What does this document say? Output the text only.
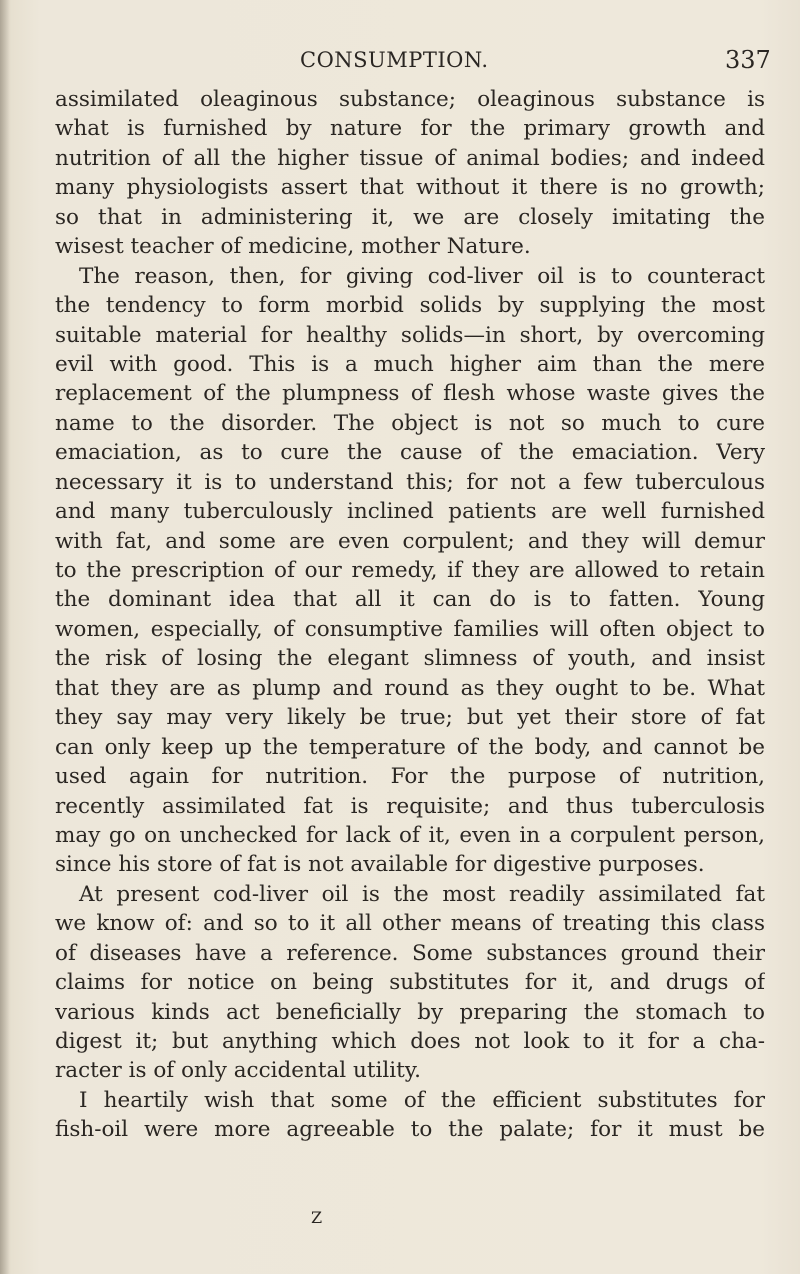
CONSUMPTION.	337
assimilated oleaginous substance; oleaginous substance is
what is furnished by nature for the primary growth and
nutrition of all the higher tissue of animal bodies; and indeed
many physiologists assert that without it there is no growth;
so that in administering it, we are closely imitating the
wisest teacher of medicine, mother Nature.
The reason, then, for giving cod-liver oil is to counteract
the tendency to form morbid solids by supplying the most
suitable material for healthy solids—in short, by overcoming
evil with good. This is a much higher aim than the mere
replacement of the plumpness of flesh whose waste gives the
name to the disorder. The object is not so much to cure
emaciation, as to cure the cause of the emaciation. Very
necessary it is to understand this; for not a few tuberculous
and many tuberculously inclined patients are well furnished
with fat, and some are even corpulent; and they will demur
to the prescription of our remedy, if they are allowed to retain
the dominant idea that all it can do is to fatten. Young
women, especially, of consumptive families will often object to
the risk of losing the elegant slimness of youth, and insist
that they are as plump and round as they ought to be. What
they say may very likely be true; but yet their store of fat
can only keep up the temperature of the body, and cannot be
used again for nutrition. For the purpose of nutrition,
recently assimilated fat is requisite; and thus tuberculosis
may go on unchecked for lack of it, even in a corpulent person,
since his store of fat is not available for digestive purposes.
At present cod-liver oil is the most readily assimilated fat
we know of: and so to it all other means of treating this class
of diseases have a reference. Some substances ground their
claims for notice on being substitutes for it, and drugs of
various kinds act beneficially by preparing the stomach to
digest it; but anything which does not look to it for a cha-
racter is of only accidental utility.
I heartily wish that some of the efficient substitutes for
fish-oil were more agreeable to the palate; for it must be
Z
